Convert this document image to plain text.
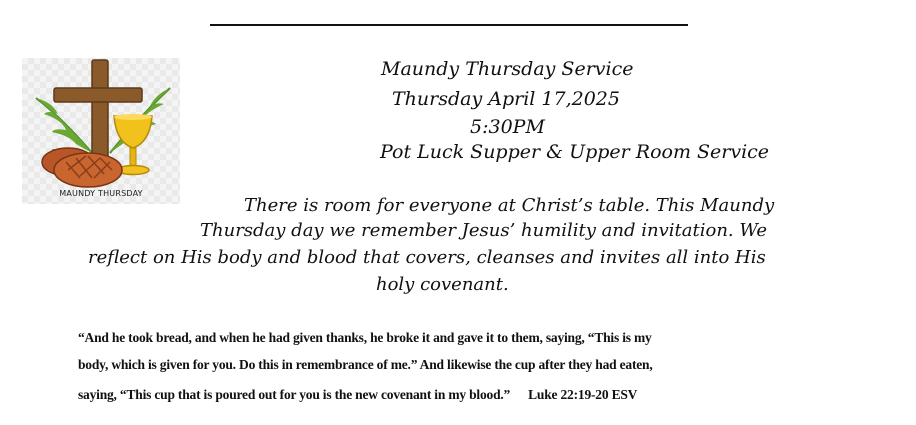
MAUNDY THURSDAY
Maundy Thursday Service
Thursday April 17,2025
5:30PM
Pot Luck Supper & Upper Room Service
There is room for everyone at Christ’s table. This Maundy
Thursday day we remember Jesus’ humility and invitation. We
reflect on His body and blood that covers, cleanses and invites all into His
holy covenant.
“And he took bread, and when he had given thanks, he broke it and gave it to them, saying, “This is my
body, which is given for you. Do this in remembrance of me.” And likewise the cup after they had eaten,
saying, “This cup that is poured out for you is the new covenant in my blood.” Luke 22:19-20 ESV
